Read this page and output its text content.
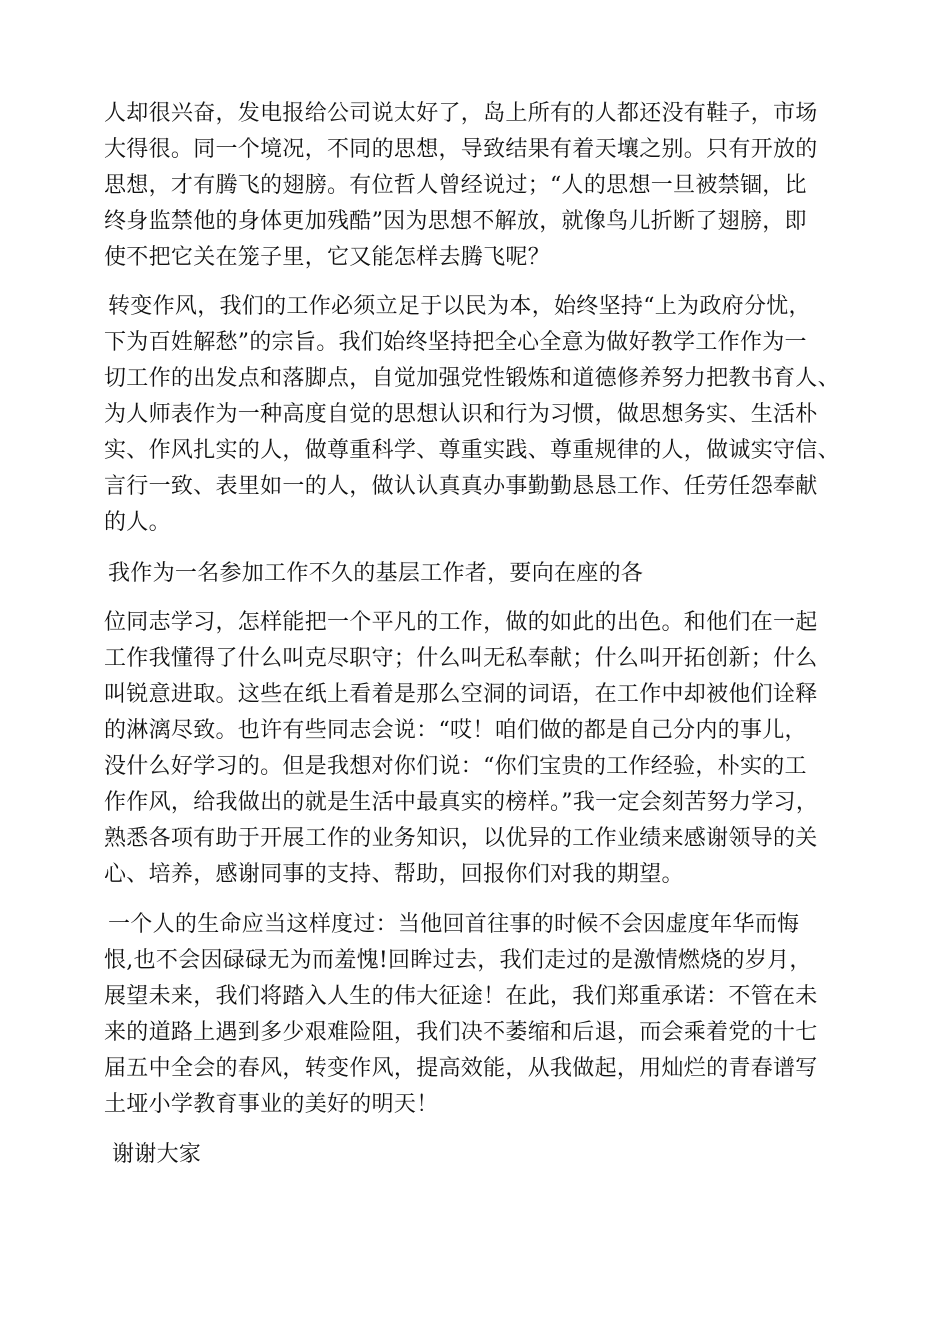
人却很兴奋，发电报给公司说太好了，岛上所有的人都还没有鞋子，市场
大得很。同一个境况，不同的思想，导致结果有着天壤之别。只有开放的
思想，才有腾飞的翅膀。有位哲人曾经说过；“人的思想一旦被禁锢，比
终身监禁他的身体更加残酷”因为思想不解放，就像鸟儿折断了翅膀，即
使不把它关在笼子里，它又能怎样去腾飞呢？
转变作风，我们的工作必须立足于以民为本，始终坚持“上为政府分忧，
下为百姓解愁”的宗旨。我们始终坚持把全心全意为做好教学工作作为一
切工作的出发点和落脚点，自觉加强党性锻炼和道德修养努力把教书育人、
为人师表作为一种高度自觉的思想认识和行为习惯，做思想务实、生活朴
实、作风扎实的人，做尊重科学、尊重实践、尊重规律的人，做诚实守信、
言行一致、表里如一的人，做认认真真办事勤勤恳恳工作、任劳任怨奉献
的人。
我作为一名参加工作不久的基层工作者，要向在座的各
位同志学习，怎样能把一个平凡的工作，做的如此的出色。和他们在一起
工作我懂得了什么叫克尽职守；什么叫无私奉献；什么叫开拓创新；什么
叫锐意进取。这些在纸上看着是那么空洞的词语，在工作中却被他们诠释
的淋漓尽致。也许有些同志会说：“哎！咱们做的都是自己分内的事儿，
没什么好学习的。但是我想对你们说：“你们宝贵的工作经验，朴实的工
作作风，给我做出的就是生活中最真实的榜样。”我一定会刻苦努力学习，
熟悉各项有助于开展工作的业务知识，以优异的工作业绩来感谢领导的关
心、培养，感谢同事的支持、帮助，回报你们对我的期望。
一个人的生命应当这样度过：当他回首往事的时候不会因虚度年华而悔
恨,也不会因碌碌无为而羞愧!回眸过去，我们走过的是激情燃烧的岁月，
展望未来，我们将踏入人生的伟大征途！在此，我们郑重承诺：不管在未
来的道路上遇到多少艰难险阻，我们决不萎缩和后退，而会乘着党的十七
届五中全会的春风，转变作风，提高效能，从我做起，用灿烂的青春谱写
土垭小学教育事业的美好的明天！
谢谢大家
